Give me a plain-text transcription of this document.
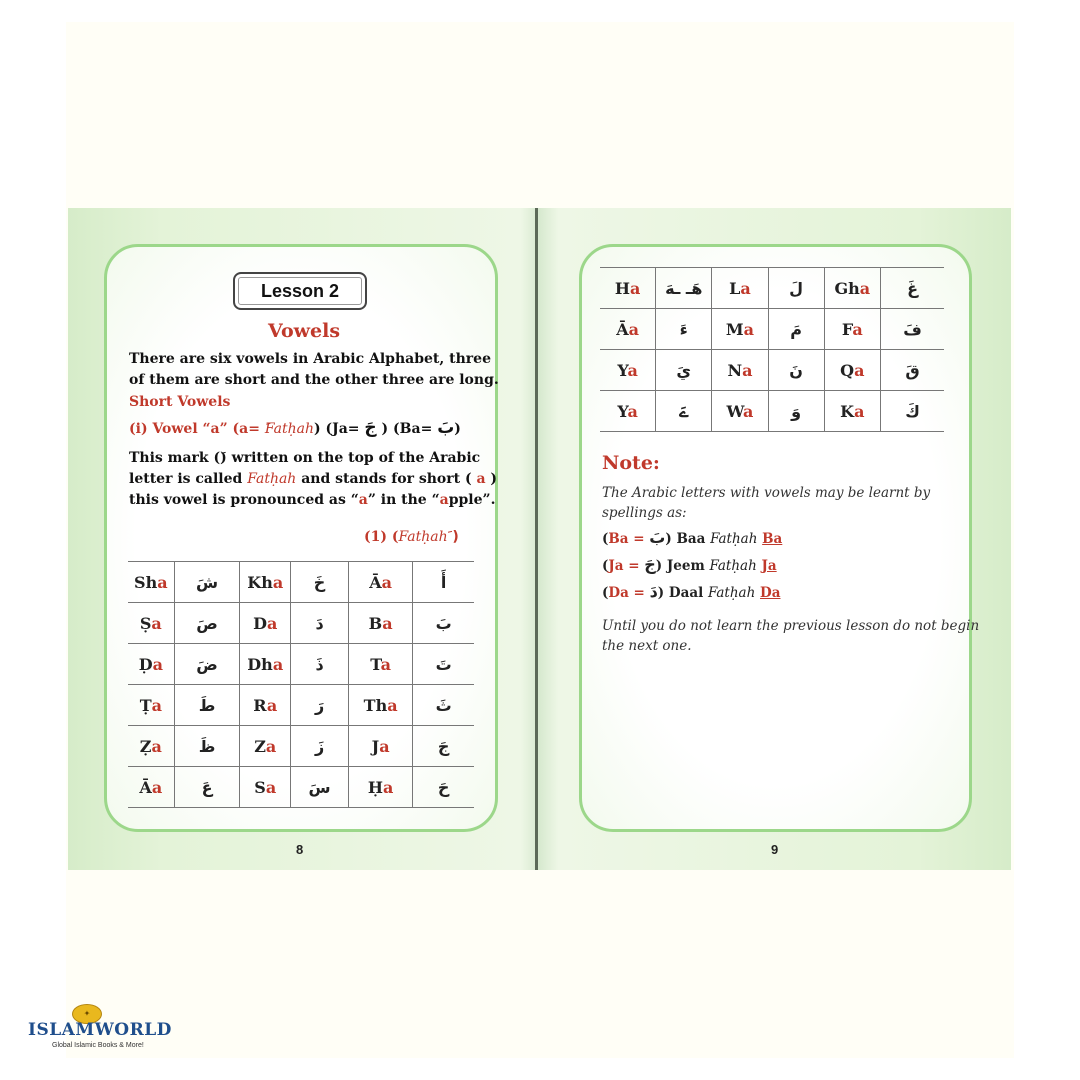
Lesson 2
Vowels
There are six vowels in Arabic Alphabet, three
of them are short and the other three are long.
Short Vowels
(i) Vowel “a” (a= Fatḥah) (Ja= جَ ) (Ba= بَ)
This mark () written on the top of the Arabic
letter is called Fatḥah and stands for short ( a )
this vowel is pronounced as “a” in the “apple”.
(1) (Fatḥah َ)
Sha	شَ	Kha	خَ	Āa	أَ
Ṣa	صَ	Da	دَ	Ba	بَ
Ḍa	ضَ	Dha	ذَ	Ta	تَ
Ṭa	طَ	Ra	رَ	Tha	ثَ
Ẓa	ظَ	Za	زَ	Ja	جَ
Āa	عَ	Sa	سَ	Ḥa	حَ
8
Ha	هَـ ـهَ	La	لَ	Gha	غَ
Āa	ءَ	Ma	مَ	Fa	فَ
Ya	يَ	Na	نَ	Qa	قَ
Ya	ےَ	Wa	وَ	Ka	كَ
Note:
The Arabic letters with vowels may be learnt by
spellings as:
(Ba = بَ) Baa Fatḥah Ba
(Ja = جَ) Jeem Fatḥah Ja
(Da = دَ) Daal Fatḥah Da
Until you do not learn the previous lesson do not begin
the next one.
9
✦
ISLAMWORLD
Global Islamic Books & More!
